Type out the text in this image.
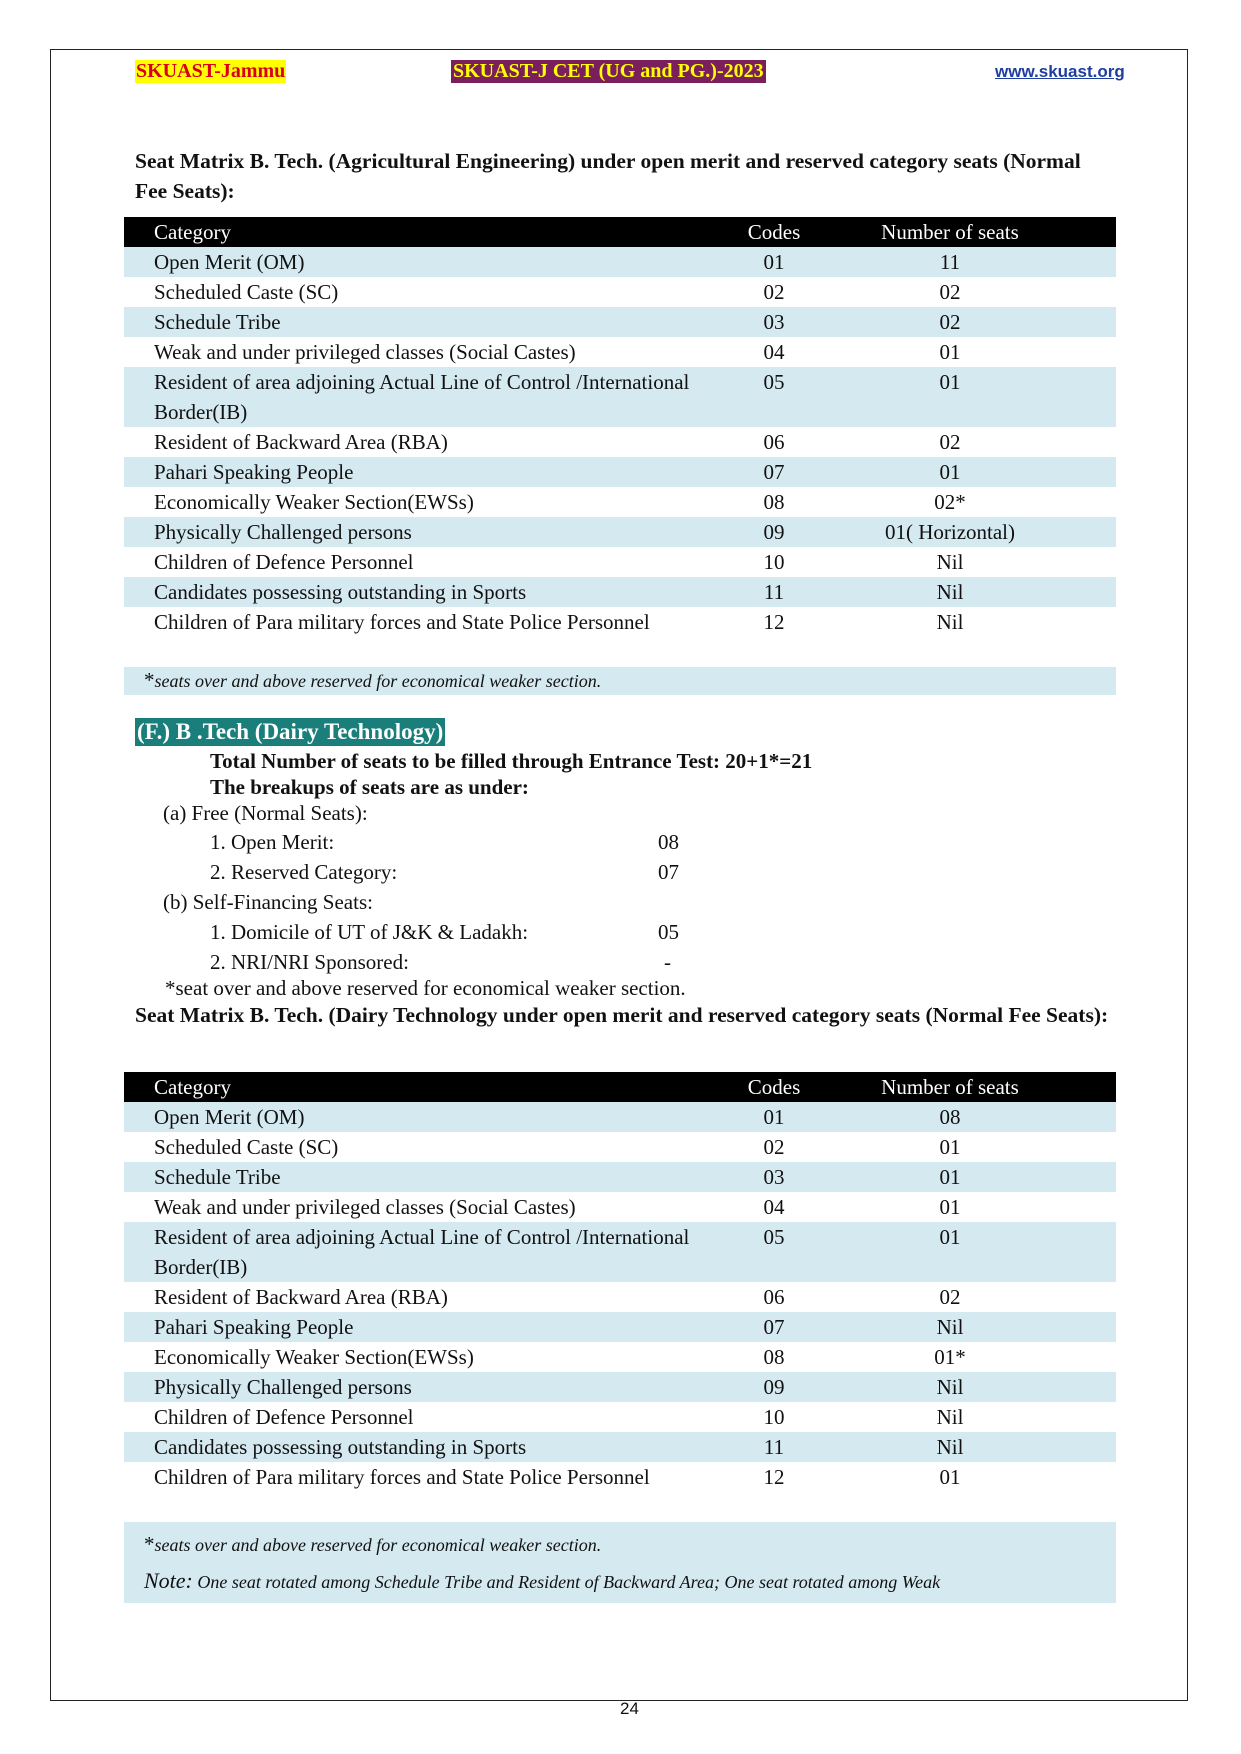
SKUAST-Jammu	SKUAST-J CET (UG and PG.)-2023	www.skuast.org
Seat Matrix B. Tech. (Agricultural Engineering) under open merit and reserved category seats (Normal Fee Seats):
Category	Codes	Number of seats
Open Merit (OM)	01	11
Scheduled Caste (SC)	02	02
Schedule Tribe	03	02
Weak and under privileged classes (Social Castes)	04	01
Resident of area adjoining Actual Line of Control /International Border(IB)	05	01
Resident of Backward Area (RBA)	06	02
Pahari Speaking People	07	01
Economically Weaker Section(EWSs)	08	02*
Physically Challenged persons	09	01( Horizontal)
Children of Defence Personnel	10	Nil
Candidates possessing outstanding in Sports	11	Nil
Children of Para military forces and State Police Personnel	12	Nil
*seats over and above reserved for economical weaker section.		
(F.) B .Tech (Dairy Technology)
Total Number of seats to be filled through Entrance Test: 20+1*=21
The breakups of seats are as under:
(a) Free (Normal Seats):
1. Open Merit:	08
2. Reserved Category:	07
(b) Self-Financing Seats:
1. Domicile of UT of J&K & Ladakh:	05
2. NRI/NRI Sponsored:	-
*seat over and above reserved for economical weaker section.
Seat Matrix B. Tech. (Dairy Technology under open merit and reserved category seats (Normal Fee Seats):
Category	Codes	Number of seats
Open Merit (OM)	01	08
Scheduled Caste (SC)	02	01
Schedule Tribe	03	01
Weak and under privileged classes (Social Castes)	04	01
Resident of area adjoining Actual Line of Control /International Border(IB)	05	01
Resident of Backward Area (RBA)	06	02
Pahari Speaking People	07	Nil
Economically Weaker Section(EWSs)	08	01*
Physically Challenged persons	09	Nil
Children of Defence Personnel	10	Nil
Candidates possessing outstanding in Sports	11	Nil
Children of Para military forces and State Police Personnel	12	01
*seats over and above reserved for economical weaker section.		
Note: One seat rotated among Schedule Tribe and Resident of Backward Area; One seat rotated among Weak
24
